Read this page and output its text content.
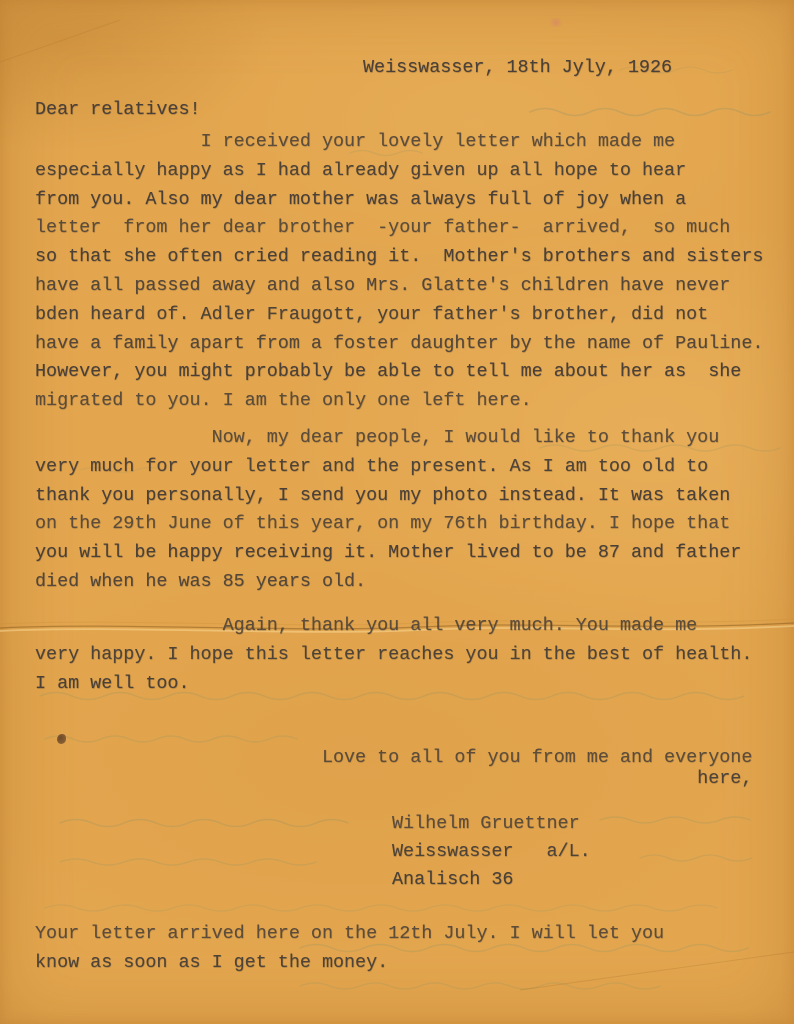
Weisswasser, 18th Jyly, 1926
Dear relatives!
I received your lovely letter which made me
especially happy as I had already given up all hope to hear
from you. Also my dear mother was always full of joy when a
letter  from her dear brother  -your father-  arrived,  so much
so that she often cried reading it.  Mother's brothers and sisters
have all passed away and also Mrs. Glatte's children have never
bden heard of. Adler Fraugott, your father's brother, did not
have a family apart from a foster daughter by the name of Pauline.
However, you might probably be able to tell me about her as  she
migrated to you. I am the only one left here.
Now, my dear people, I would like to thank you
very much for your letter and the present. As I am too old to
thank you personally, I send you my photo instead. It was taken
on the 29th June of this year, on my 76th birthday. I hope that
you will be happy receiving it. Mother lived to be 87 and father
died when he was 85 years old.
Again, thank you all very much. You made me
very happy. I hope this letter reaches you in the best of health.
I am well too.
Love to all of you from me and everyone
here,
Wilhelm Gruettner
Weisswasser   a/L.
Analisch 36
Your letter arrived here on the 12th July. I will let you
know as soon as I get the money.
